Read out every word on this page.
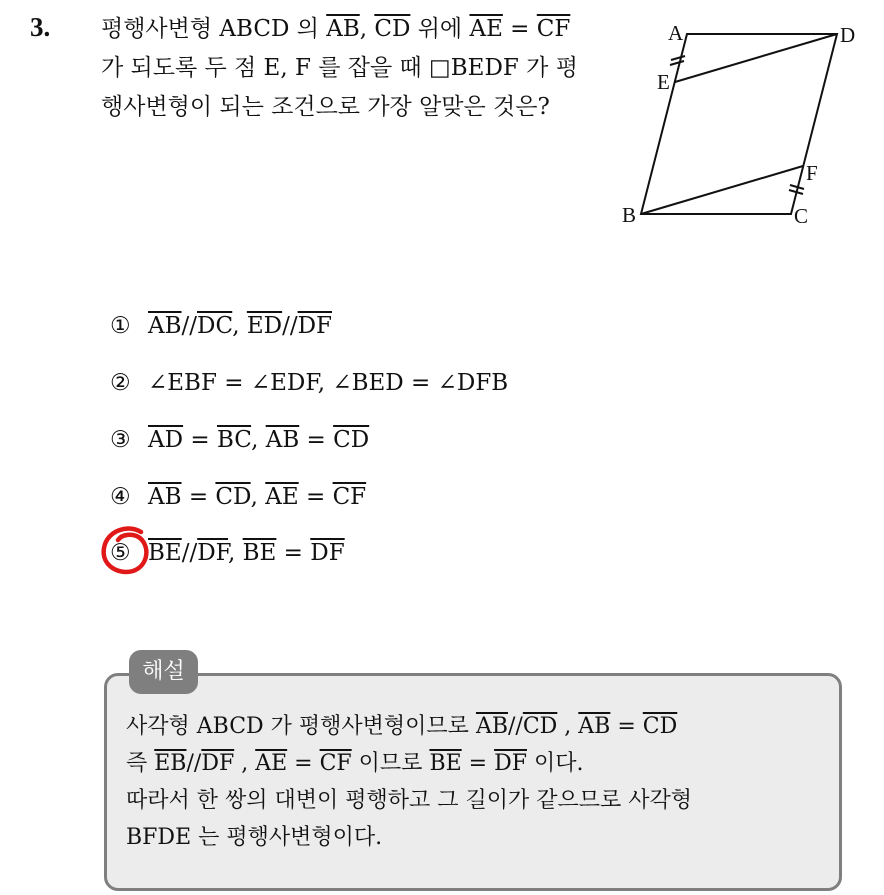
3. 평행사변형 ABCD 의 $\overline{AB}$, $\overline{CD}$ 위에 $\overline{AE} = \overline{CF}$ 가 되도록 두 점 E, F 를 잡을 때 □BEDF 가 평행사변형이 되는 조건으로 가장 알맞은 것은?
A	D
E
F
B	C
① $\overline{AB}//\overline{DC}$, $\overline{ED}//\overline{DF}$
② ∠EBF = ∠EDF, ∠BED = ∠DFB
③ $\overline{AD} = \overline{BC}$, $\overline{AB} = \overline{CD}$
④ $\overline{AB} = \overline{CD}$, $\overline{AE} = \overline{CF}$
⑤ $\overline{BE}//\overline{DF}$, $\overline{BE} = \overline{DF}$
해설
사각형 ABCD 가 평행사변형이므로 $\overline{AB}//\overline{CD}$ , $\overline{AB} = \overline{CD}$
즉 $\overline{EB}//\overline{DF}$ , $\overline{AE} = \overline{CF}$ 이므로 $\overline{BE} = \overline{DF}$ 이다.
따라서 한 쌍의 대변이 평행하고 그 길이가 같으므로 사각형
BFDE 는 평행사변형이다.
